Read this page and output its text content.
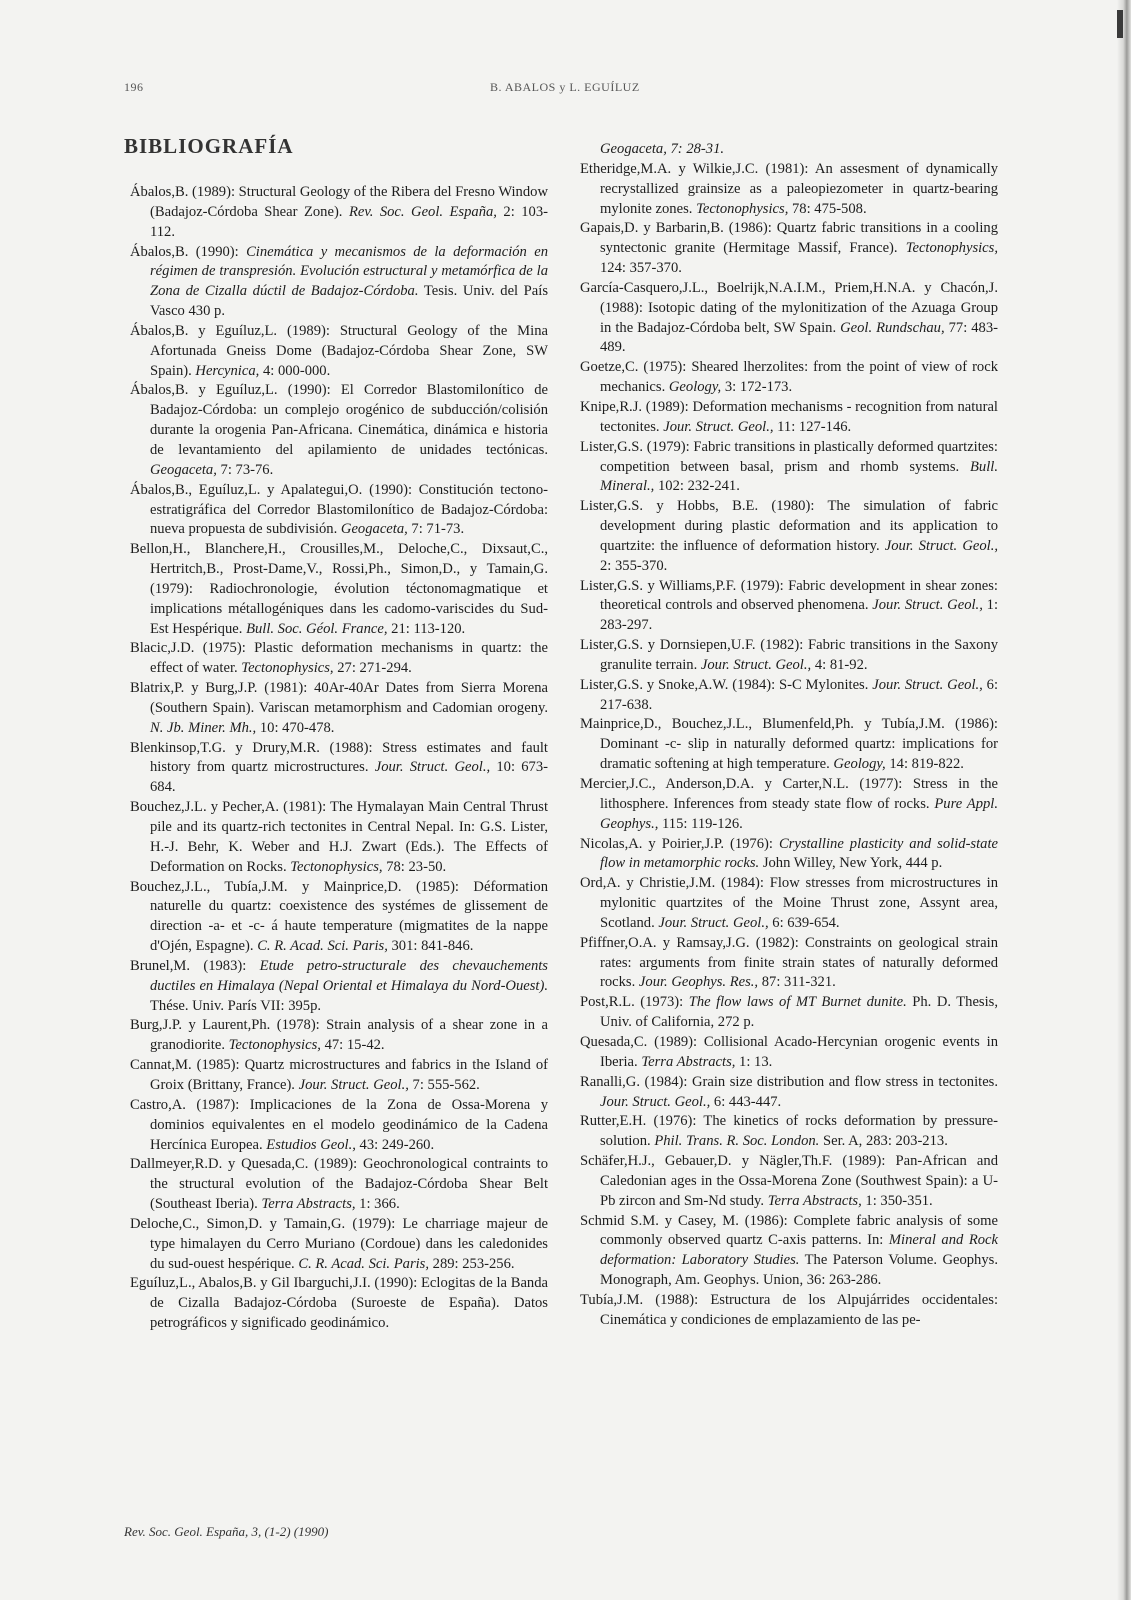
196	B. ABALOS y L. EGUÍLUZ
BIBLIOGRAFÍA

Ábalos,B. (1989): Structural Geology of the Ribera del Fresno Window (Badajoz-Córdoba Shear Zone). Rev. Soc. Geol. España, 2: 103-112.

Ábalos,B. (1990): Cinemática y mecanismos de la deformación en régimen de transpresión. Evolución estructural y metamórfica de la Zona de Cizalla dúctil de Badajoz-Córdoba. Tesis. Univ. del País Vasco 430 p.

Ábalos,B. y Eguíluz,L. (1989): Structural Geology of the Mina Afortunada Gneiss Dome (Badajoz-Córdoba Shear Zone, SW Spain). Hercynica, 4: 000-000.

Ábalos,B. y Eguíluz,L. (1990): El Corredor Blastomilonítico de Badajoz-Córdoba: un complejo orogénico de subducción/colisión durante la orogenia Pan-Africana. Cinemática, dinámica e historia de levantamiento del apilamiento de unidades tectónicas. Geogaceta, 7: 73-76.

Ábalos,B., Eguíluz,L. y Apalategui,O. (1990): Constitución tectono-estratigráfica del Corredor Blastomilonítico de Badajoz-Córdoba: nueva propuesta de subdivisión. Geogaceta, 7: 71-73.

Bellon,H., Blanchere,H., Crousilles,M., Deloche,C., Dixsaut,C., Hertritch,B., Prost-Dame,V., Rossi,Ph., Simon,D., y Tamain,G. (1979): Radiochronologie, évolution téctonomagmatique et implications métallogéniques dans les cadomo-variscides du Sud-Est Hespérique. Bull. Soc. Géol. France, 21: 113-120.

Blacic,J.D. (1975): Plastic deformation mechanisms in quartz: the effect of water. Tectonophysics, 27: 271-294.

Blatrix,P. y Burg,J.P. (1981): 40Ar-40Ar Dates from Sierra Morena (Southern Spain). Variscan metamorphism and Cadomian orogeny. N. Jb. Miner. Mh., 10: 470-478.

Blenkinsop,T.G. y Drury,M.R. (1988): Stress estimates and fault history from quartz microstructures. Jour. Struct. Geol., 10: 673-684.

Bouchez,J.L. y Pecher,A. (1981): The Hymalayan Main Central Thrust pile and its quartz-rich tectonites in Central Nepal. In: G.S. Lister, H.-J. Behr, K. Weber and H.J. Zwart (Eds.). The Effects of Deformation on Rocks. Tectonophysics, 78: 23-50.

Bouchez,J.L., Tubía,J.M. y Mainprice,D. (1985): Déformation naturelle du quartz: coexistence des systémes de glissement de direction -a- et -c- á haute temperature (migmatites de la nappe d'Ojén, Espagne). C. R. Acad. Sci. Paris, 301: 841-846.

Brunel,M. (1983): Etude petro-structurale des chevauchements ductiles en Himalaya (Nepal Oriental et Himalaya du Nord-Ouest). Thése. Univ. París VII: 395p.

Burg,J.P. y Laurent,Ph. (1978): Strain analysis of a shear zone in a granodiorite. Tectonophysics, 47: 15-42.

Cannat,M. (1985): Quartz microstructures and fabrics in the Island of Groix (Brittany, France). Jour. Struct. Geol., 7: 555-562.

Castro,A. (1987): Implicaciones de la Zona de Ossa-Morena y dominios equivalentes en el modelo geodinámico de la Cadena Hercínica Europea. Estudios Geol., 43: 249-260.

Dallmeyer,R.D. y Quesada,C. (1989): Geochronological contraints to the structural evolution of the Badajoz-Córdoba Shear Belt (Southeast Iberia). Terra Abstracts, 1: 366.

Deloche,C., Simon,D. y Tamain,G. (1979): Le charriage majeur de type himalayen du Cerro Muriano (Cordoue) dans les caledonides du sud-ouest hespérique. C. R. Acad. Sci. Paris, 289: 253-256.

Eguíluz,L., Abalos,B. y Gil Ibarguchi,J.I. (1990): Eclogitas de la Banda de Cizalla Badajoz-Córdoba (Suroeste de España). Datos petrográficos y significado geodinámico.

Geogaceta, 7: 28-31.

Etheridge,M.A. y Wilkie,J.C. (1981): An assesment of dynamically recrystallized grainsize as a paleopiezometer in quartz-bearing mylonite zones. Tectonophysics, 78: 475-508.

Gapais,D. y Barbarin,B. (1986): Quartz fabric transitions in a cooling syntectonic granite (Hermitage Massif, France). Tectonophysics, 124: 357-370.

García-Casquero,J.L., Boelrijk,N.A.I.M., Priem,H.N.A. y Chacón,J. (1988): Isotopic dating of the mylonitization of the Azuaga Group in the Badajoz-Córdoba belt, SW Spain. Geol. Rundschau, 77: 483-489.

Goetze,C. (1975): Sheared lherzolites: from the point of view of rock mechanics. Geology, 3: 172-173.

Knipe,R.J. (1989): Deformation mechanisms - recognition from natural tectonites. Jour. Struct. Geol., 11: 127-146.

Lister,G.S. (1979): Fabric transitions in plastically deformed quartzites: competition between basal, prism and rhomb systems. Bull. Mineral., 102: 232-241.

Lister,G.S. y Hobbs, B.E. (1980): The simulation of fabric development during plastic deformation and its application to quartzite: the influence of deformation history. Jour. Struct. Geol., 2: 355-370.

Lister,G.S. y Williams,P.F. (1979): Fabric development in shear zones: theoretical controls and observed phenomena. Jour. Struct. Geol., 1: 283-297.

Lister,G.S. y Dornsiepen,U.F. (1982): Fabric transitions in the Saxony granulite terrain. Jour. Struct. Geol., 4: 81-92.

Lister,G.S. y Snoke,A.W. (1984): S-C Mylonites. Jour. Struct. Geol., 6: 217-638.

Mainprice,D., Bouchez,J.L., Blumenfeld,Ph. y Tubía,J.M. (1986): Dominant -c- slip in naturally deformed quartz: implications for dramatic softening at high temperature. Geology, 14: 819-822.

Mercier,J.C., Anderson,D.A. y Carter,N.L. (1977): Stress in the lithosphere. Inferences from steady state flow of rocks. Pure Appl. Geophys., 115: 119-126.

Nicolas,A. y Poirier,J.P. (1976): Crystalline plasticity and solid-state flow in metamorphic rocks. John Willey, New York, 444 p.

Ord,A. y Christie,J.M. (1984): Flow stresses from microstructures in mylonitic quartzites of the Moine Thrust zone, Assynt area, Scotland. Jour. Struct. Geol., 6: 639-654.

Pfiffner,O.A. y Ramsay,J.G. (1982): Constraints on geological strain rates: arguments from finite strain states of naturally deformed rocks. Jour. Geophys. Res., 87: 311-321.

Post,R.L. (1973): The flow laws of MT Burnet dunite. Ph. D. Thesis, Univ. of California, 272 p.

Quesada,C. (1989): Collisional Acado-Hercynian orogenic events in Iberia. Terra Abstracts, 1: 13.

Ranalli,G. (1984): Grain size distribution and flow stress in tectonites. Jour. Struct. Geol., 6: 443-447.

Rutter,E.H. (1976): The kinetics of rocks deformation by pressure-solution. Phil. Trans. R. Soc. London. Ser. A, 283: 203-213.

Schäfer,H.J., Gebauer,D. y Nägler,Th.F. (1989): Pan-African and Caledonian ages in the Ossa-Morena Zone (Southwest Spain): a U-Pb zircon and Sm-Nd study. Terra Abstracts, 1: 350-351.

Schmid S.M. y Casey, M. (1986): Complete fabric analysis of some commonly observed quartz C-axis patterns. In: Mineral and Rock deformation: Laboratory Studies. The Paterson Volume. Geophys. Monograph, Am. Geophys. Union, 36: 263-286.

Tubía,J.M. (1988): Estructura de los Alpujárrides occidentales: Cinemática y condiciones de emplazamiento de las pe-

Rev. Soc. Geol. España, 3, (1-2) (1990)
